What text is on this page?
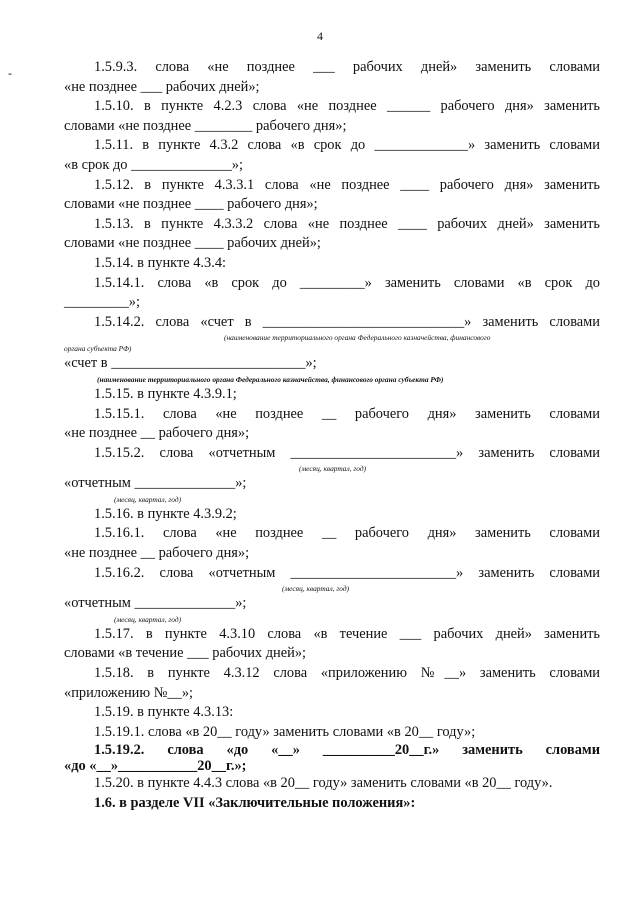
4
-	1.5.9.3. слова «не позднее ___ рабочих дней» заменить словами
«не позднее ___ рабочих дней»;
1.5.10. в пункте 4.2.3 слова «не позднее ______ рабочего дня» заменить
словами «не позднее ________ рабочего дня»;
1.5.11. в пункте 4.3.2 слова «в срок до _____________» заменить словами
«в срок до ______________»;
1.5.12. в пункте 4.3.3.1 слова «не позднее ____ рабочего дня» заменить
словами «не позднее ____ рабочего дня»;
1.5.13. в пункте 4.3.3.2 слова «не позднее ____ рабочих дней» заменить
словами «не позднее ____ рабочих дней»;
1.5.14. в пункте 4.3.4:
1.5.14.1. слова «в срок до _________» заменить словами «в срок до
_________»;
1.5.14.2. слова «счет в ____________________________» заменить словами
(наименование территориального органа Федерального казначейства, финансового
органа субъекта РФ)
«счет в ___________________________»;
(наименование территориального органа Федерального казначейства, финансового органа субъекта РФ)
1.5.15. в пункте 4.3.9.1;
1.5.15.1. слова «не позднее __ рабочего дня» заменить словами
«не позднее __ рабочего дня»;
1.5.15.2. слова «отчетным _______________________» заменить словами
(месяц, квартал, год)
«отчетным ______________»;
(месяц, квартал, год)
1.5.16. в пункте 4.3.9.2;
1.5.16.1. слова «не позднее __ рабочего дня» заменить словами
«не позднее __ рабочего дня»;
1.5.16.2. слова «отчетным _______________________» заменить словами
(месяц, квартал, год)
«отчетным ______________»;
(месяц, квартал, год)
1.5.17. в пункте 4.3.10 слова «в течение ___ рабочих дней» заменить
словами «в течение ___ рабочих дней»;
1.5.18. в пункте 4.3.12 слова «приложению №__» заменить словами
«приложению №__»;
1.5.19. в пункте 4.3.13:
1.5.19.1. слова «в 20__ году» заменить словами «в 20__ году»;
1.5.19.2. слова «до «__» __________20__г.» заменить словами
«до «__»___________20__г.»;
1.5.20. в пункте 4.4.3 слова «в 20__ году» заменить словами «в 20__ году».
1.6. в разделе VII «Заключительные положения»:
